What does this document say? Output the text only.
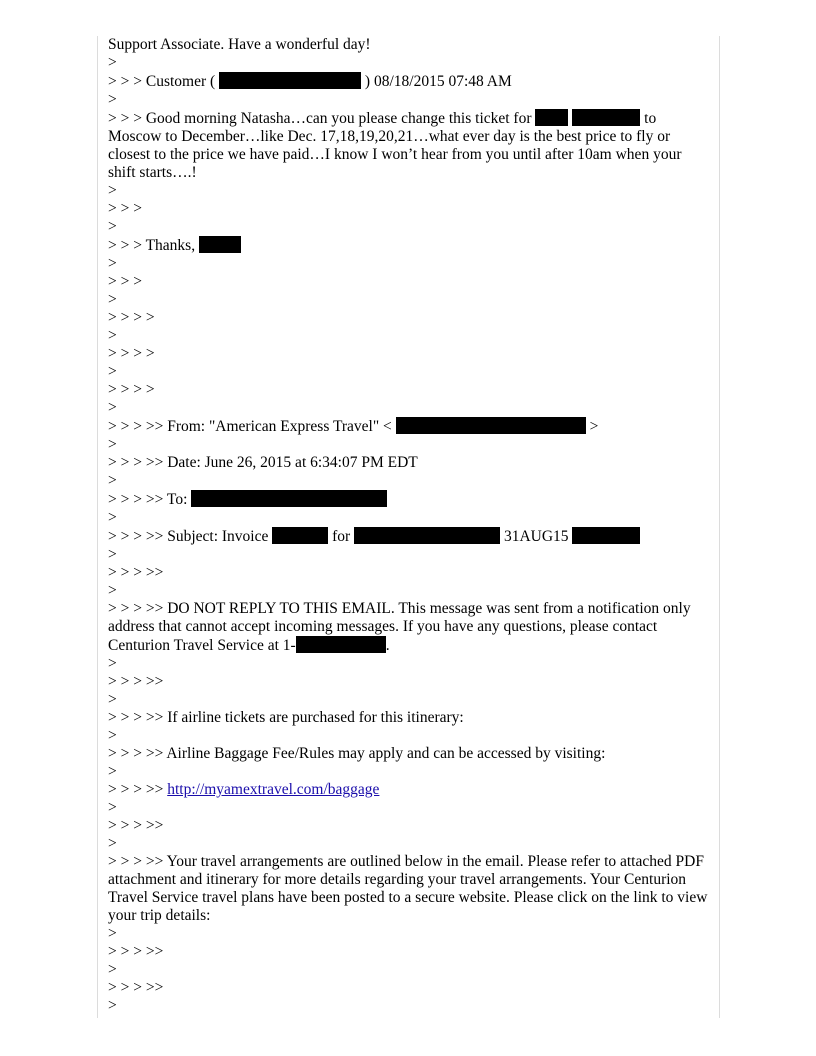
Support Associate. Have a wonderful day!
>
> > > Customer (	) 08/18/2015 07:48 AM
>
> > > Good morning Natasha…can you please change this ticket for	to Moscow to December…like Dec. 17,18,19,20,21…what ever day is the best price to fly or closest to the price we have paid…I know I won’t hear from you until after 10am when your shift starts….!
>
> > >
>
> > > Thanks,
>
> > >
>
> > > >
>
> > > >
>
> > > >
>
> > > >> From: "American Express Travel" <	>
>
> > > >> Date: June 26, 2015 at 6:34:07 PM EDT
>
> > > >> To:
>
> > > >> Subject: Invoice	for	31AUG15
>
> > > >>
>
> > > >> DO NOT REPLY TO THIS EMAIL. This message was sent from a notification only address that cannot accept incoming messages. If you have any questions, please contact Centurion Travel Service at 1-	.
>
> > > >>
>
> > > >> If airline tickets are purchased for this itinerary:
>
> > > >> Airline Baggage Fee/Rules may apply and can be accessed by visiting:
>
> > > >> http://myamextravel.com/baggage
>
> > > >>
>
> > > >> Your travel arrangements are outlined below in the email. Please refer to attached PDF attachment and itinerary for more details regarding your travel arrangements. Your Centurion Travel Service travel plans have been posted to a secure website. Please click on the link to view your trip details:
>
> > > >>
>
> > > >>
>
